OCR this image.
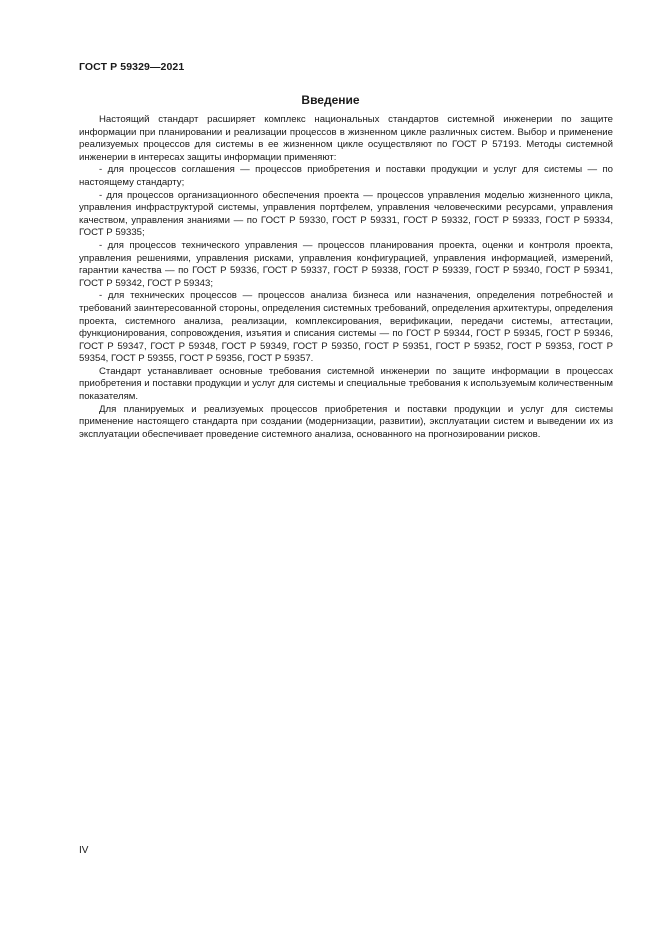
ГОСТ Р 59329—2021
Введение

Настоящий стандарт расширяет комплекс национальных стандартов системной инженерии по защите информации при планировании и реализации процессов в жизненном цикле различных систем. Выбор и применение реализуемых процессов для системы в ее жизненном цикле осуществляют по ГОСТ Р 57193. Методы системной инженерии в интересах защиты информации применяют:

- для процессов соглашения — процессов приобретения и поставки продукции и услуг для системы — по настоящему стандарту;

- для процессов организационного обеспечения проекта — процессов управления моделью жизненного цикла, управления инфраструктурой системы, управления портфелем, управления человеческими ресурсами, управления качеством, управления знаниями — по ГОСТ Р 59330, ГОСТ Р 59331, ГОСТ Р 59332, ГОСТ Р 59333, ГОСТ Р 59334, ГОСТ Р 59335;

- для процессов технического управления — процессов планирования проекта, оценки и контроля проекта, управления решениями, управления рисками, управления конфигурацией, управления информацией, измерений, гарантии качества — по ГОСТ Р 59336, ГОСТ Р 59337, ГОСТ Р 59338, ГОСТ Р 59339, ГОСТ Р 59340, ГОСТ Р 59341, ГОСТ Р 59342, ГОСТ Р 59343;

- для технических процессов — процессов анализа бизнеса или назначения, определения потребностей и требований заинтересованной стороны, определения системных требований, определения архитектуры, определения проекта, системного анализа, реализации, комплексирования, верификации, передачи системы, аттестации, функционирования, сопровождения, изъятия и списания системы — по ГОСТ Р 59344, ГОСТ Р 59345, ГОСТ Р 59346, ГОСТ Р 59347, ГОСТ Р 59348, ГОСТ Р 59349, ГОСТ Р 59350, ГОСТ Р 59351, ГОСТ Р 59352, ГОСТ Р 59353, ГОСТ Р 59354, ГОСТ Р 59355, ГОСТ Р 59356, ГОСТ Р 59357.

Стандарт устанавливает основные требования системной инженерии по защите информации в процессах приобретения и поставки продукции и услуг для системы и специальные требования к используемым количественным показателям.

Для планируемых и реализуемых процессов приобретения и поставки продукции и услуг для системы применение настоящего стандарта при создании (модернизации, развитии), эксплуатации систем и выведении их из эксплуатации обеспечивает проведение системного анализа, основанного на прогнозировании рисков.

IV
